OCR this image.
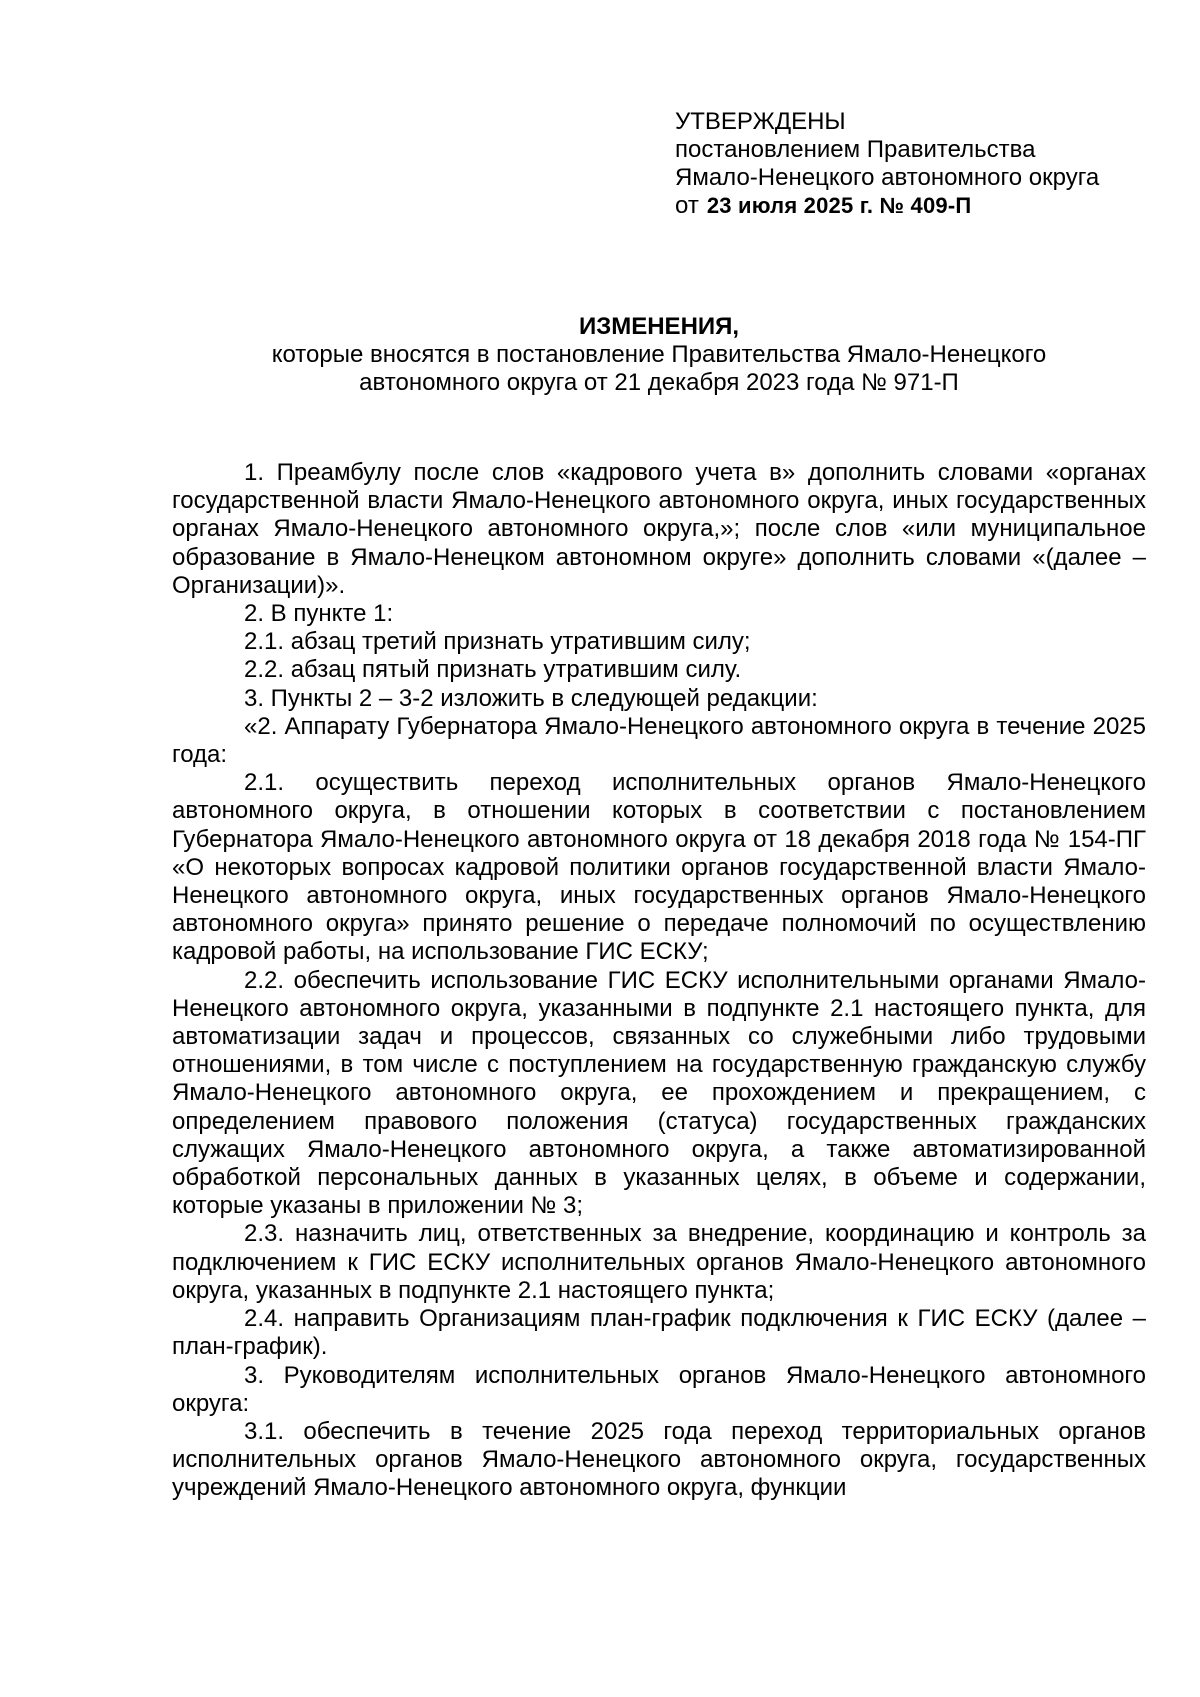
УТВЕРЖДЕНЫ

постановлением Правительства

Ямало-Ненецкого автономного округа

от 23 июля 2025 г. № 409-П

ИЗМЕНЕНИЯ,

которые вносятся в постановление Правительства Ямало-Ненецкого

автономного округа от 21 декабря 2023 года № 971-П

1. Преамбулу после слов «кадрового учета в» дополнить словами «органах государственной власти Ямало-Ненецкого автономного округа, иных государственных органах Ямало-Ненецкого автономного округа,»; после слов «или муниципальное образование в Ямало-Ненецком автономном округе» дополнить словами «(далее – Организации)».

2. В пункте 1:

2.1. абзац третий признать утратившим силу;

2.2. абзац пятый признать утратившим силу.

3. Пункты 2 – 3-2 изложить в следующей редакции:

«2. Аппарату Губернатора Ямало-Ненецкого автономного округа в течение 2025 года:

2.1. осуществить переход исполнительных органов Ямало-Ненецкого автономного округа, в отношении которых в соответствии с постановлением Губернатора Ямало-Ненецкого автономного округа от 18 декабря 2018 года № 154-ПГ «О некоторых вопросах кадровой политики органов государственной власти Ямало-Ненецкого автономного округа, иных государственных органов Ямало-Ненецкого автономного округа» принято решение о передаче полномочий по осуществлению кадровой работы, на использование ГИС ЕСКУ;

2.2. обеспечить использование ГИС ЕСКУ исполнительными органами Ямало-Ненецкого автономного округа, указанными в подпункте 2.1 настоящего пункта, для автоматизации задач и процессов, связанных со служебными либо трудовыми отношениями, в том числе с поступлением на государственную гражданскую службу Ямало-Ненецкого автономного округа, ее прохождением и прекращением, с определением правового положения (статуса) государственных гражданских служащих Ямало-Ненецкого автономного округа, а также автоматизированной обработкой персональных данных в указанных целях, в объеме и содержании, которые указаны в приложении № 3;

2.3. назначить лиц, ответственных за внедрение, координацию и контроль за подключением к ГИС ЕСКУ исполнительных органов Ямало-Ненецкого автономного округа, указанных в подпункте 2.1 настоящего пункта;

2.4. направить Организациям план-график подключения к ГИС ЕСКУ (далее – план-график).

3. Руководителям исполнительных органов Ямало-Ненецкого автономного округа:

3.1. обеспечить в течение 2025 года переход территориальных органов исполнительных органов Ямало-Ненецкого автономного округа, государственных учреждений Ямало-Ненецкого автономного округа, функции
